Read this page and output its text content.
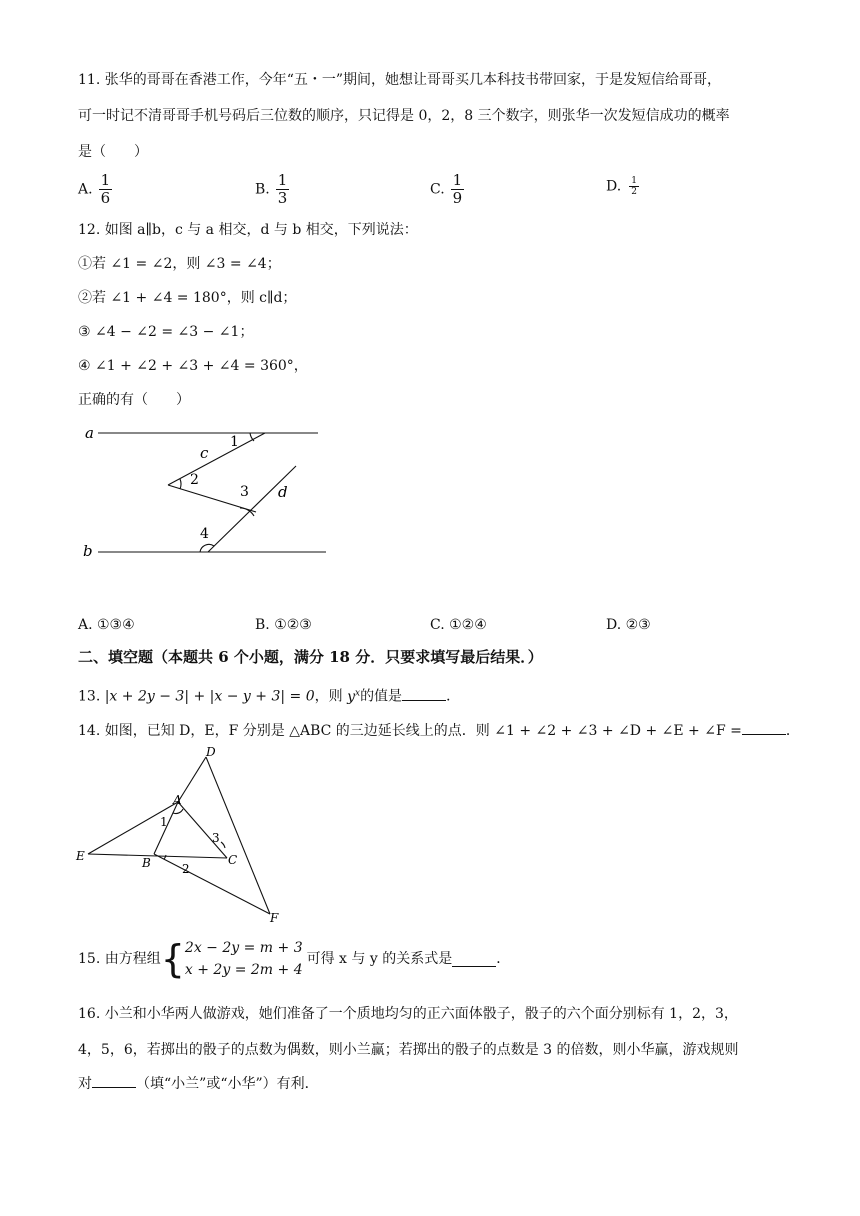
11. 张华的哥哥在香港工作，今年“五・一”期间，她想让哥哥买几本科技书带回家，于是发短信给哥哥，
可一时记不清哥哥手机号码后三位数的顺序，只记得是 0，2，8 三个数字，则张华一次发短信成功的概率
是（　　）
A. $\frac{1}{6}$	B. $\frac{1}{3}$	C. $\frac{1}{9}$	D. $\frac{1}{2}$
12. 如图 a∥b，c 与 a 相交，d 与 b 相交，下列说法：
①若 ∠1 = ∠2，则 ∠3 = ∠4；
②若 ∠1 + ∠4 = 180°，则 c∥d；
③ ∠4 − ∠2 = ∠3 − ∠1；
④ ∠1 + ∠2 + ∠3 + ∠4 = 360°，
正确的有（　　）
a
b
c
d
1
2
3
4
A. ①③④	B. ①②③	C. ①②④	D. ②③
二、填空题（本题共 6 个小题，满分 18 分．只要求填写最后结果．）
13. |x + 2y − 3| + |x − y + 3| = 0，则 $y^x$的值是	．
14. 如图，已知 D，E，F 分别是 △ABC 的三边延长线上的点．则 ∠1 + ∠2 + ∠3 + ∠D + ∠E + ∠F =	．
A
B	C
D
E
F
1
2
3
15. 由方程组 { 2x − 2y = m + 3
x + 2y = 2m + 4
可得 x 与 y 的关系式是	．
16. 小兰和小华两人做游戏，她们准备了一个质地均匀的正六面体骰子，骰子的六个面分别标有 1，2，3，
4，5，6，若掷出的骰子的点数为偶数，则小兰赢；若掷出的骰子的点数是 3 的倍数，则小华赢，游戏规则
对	（填“小兰”或“小华”）有利．
